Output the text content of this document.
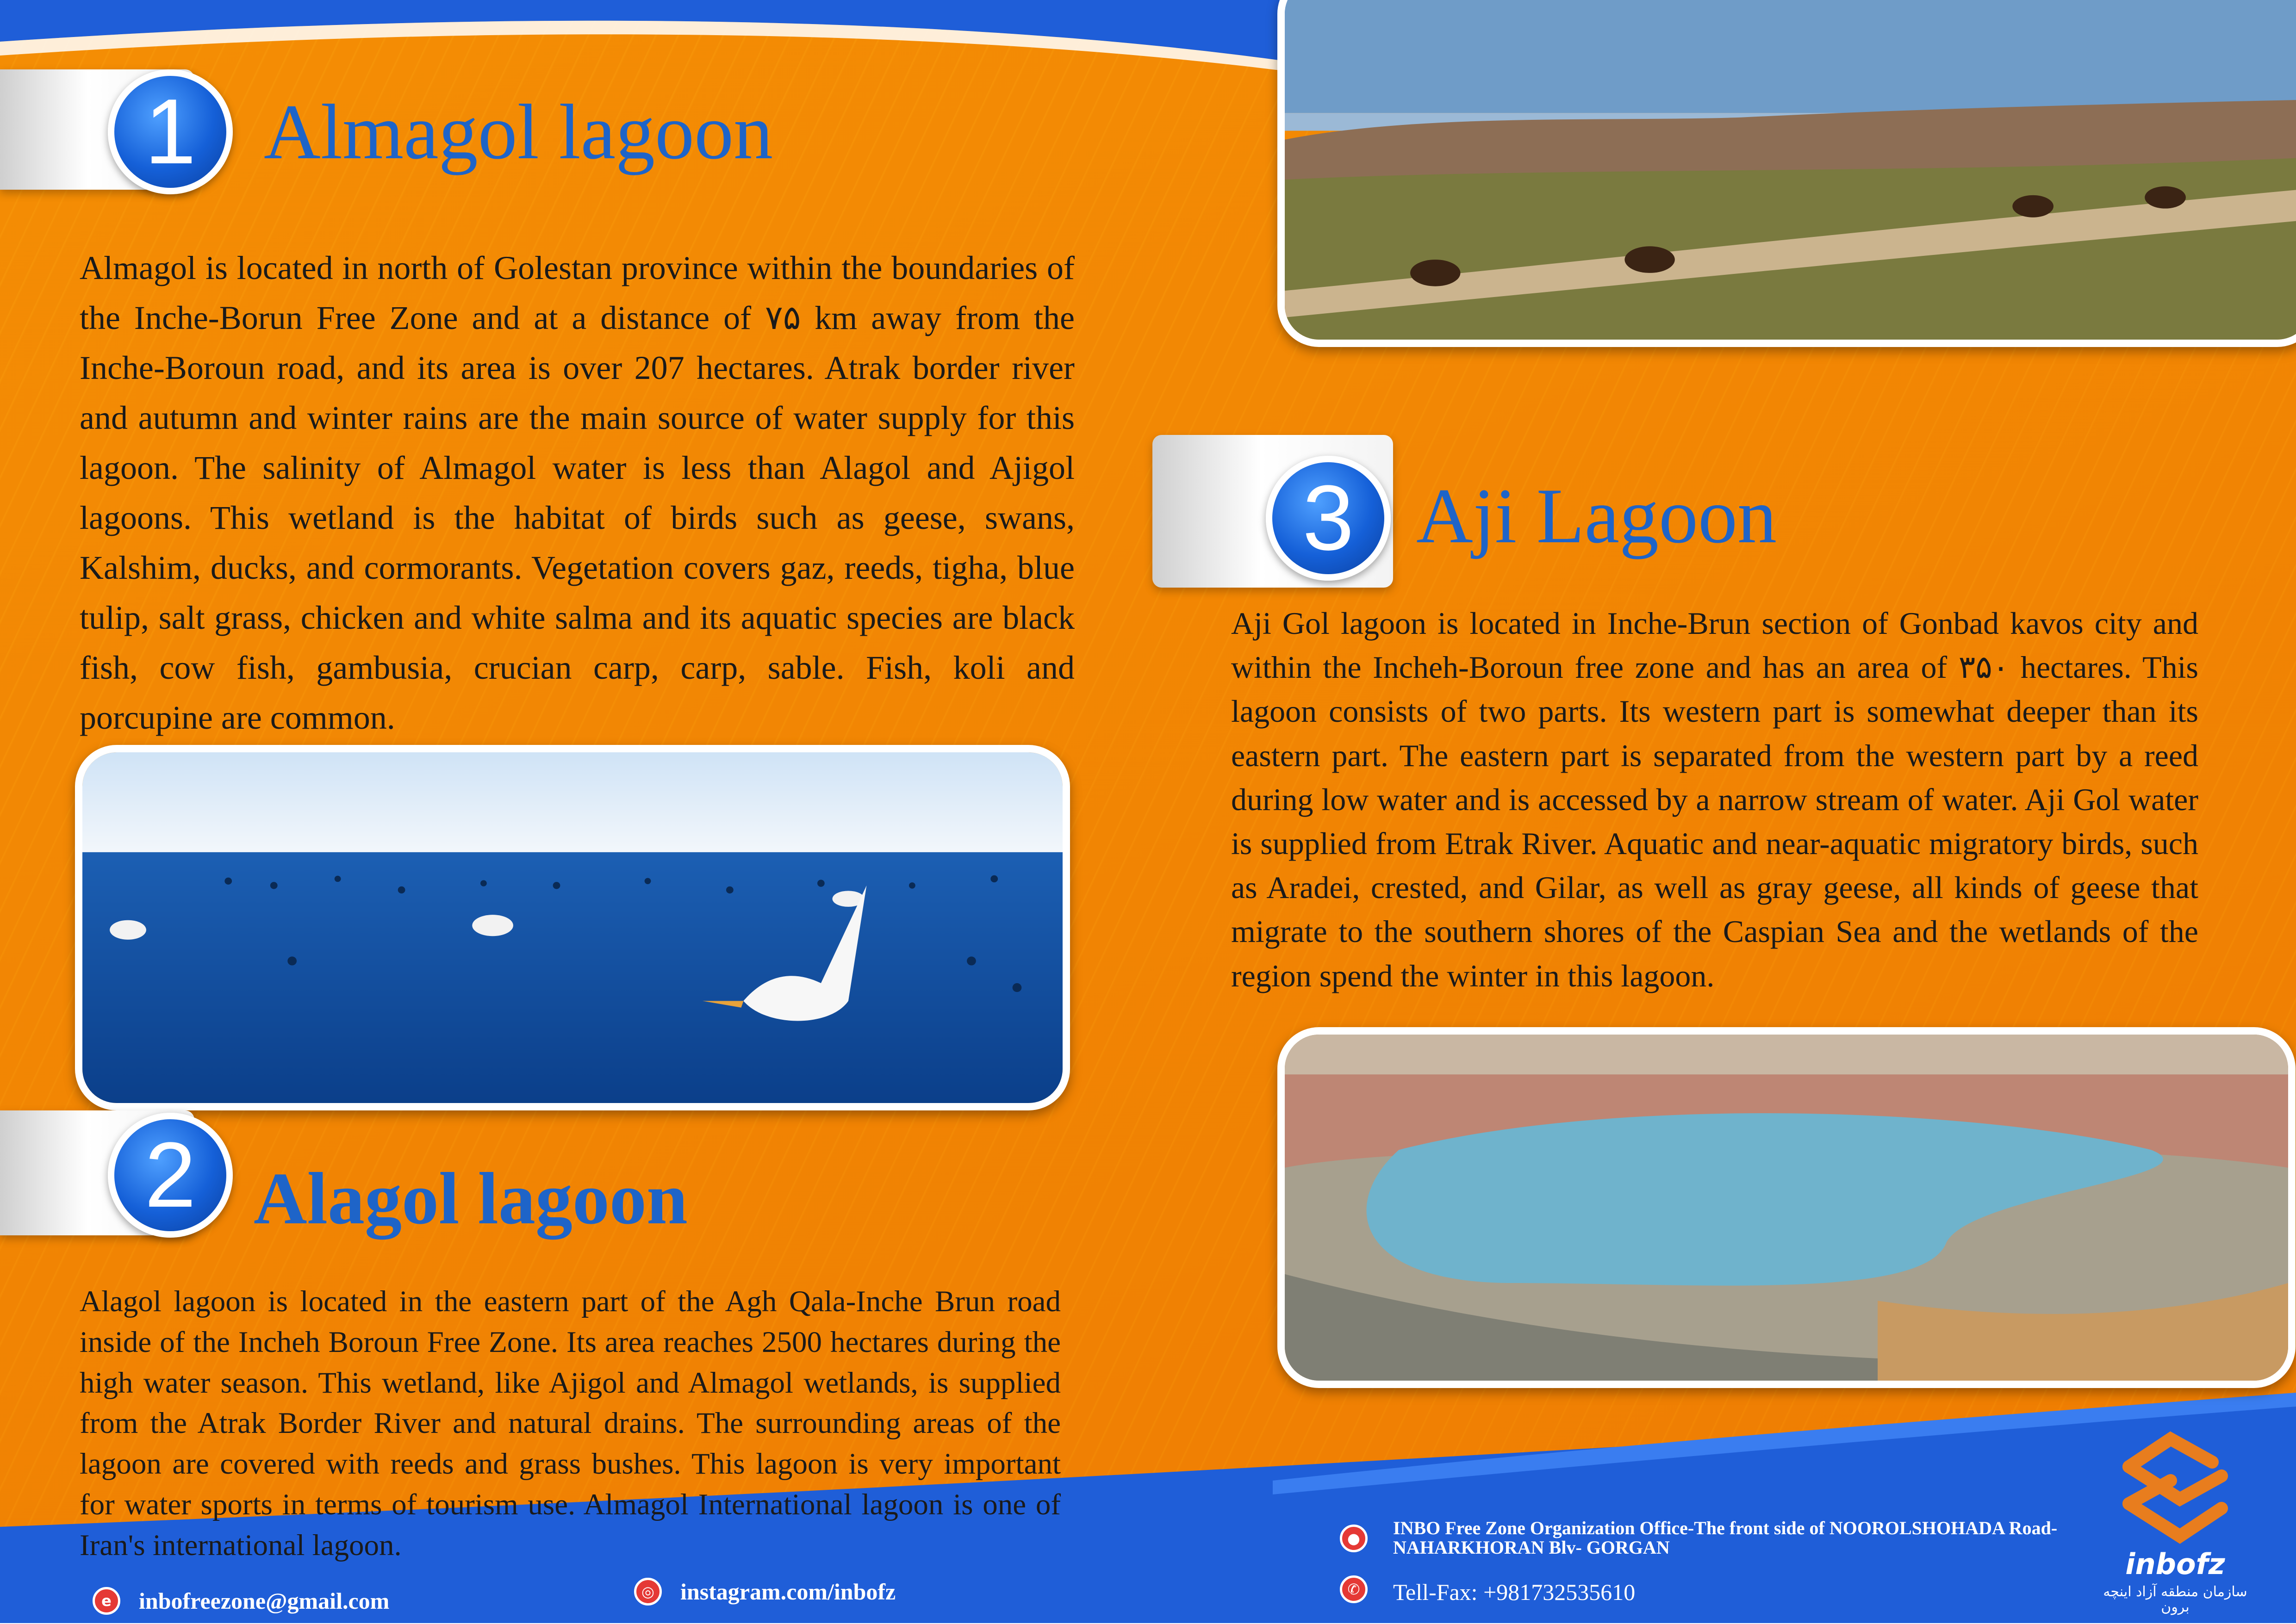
1 Almagol lagoon

Almagol is located in north of Golestan province within the boundaries of the Inche-Borun Free Zone and at a distance of ٧۵ km away from the Inche-Boroun road, and its area is over 207 hectares. Atrak border river and autumn and winter rains are the main source of water supply for this lagoon. The salinity of Almagol water is less than Alagol and Ajigol lagoons. This wetland is the habitat of birds such as geese, swans, Kalshim, ducks, and cormorants. Vegetation covers gaz, reeds, tigha, blue tulip, salt grass, chicken and white salma and its aquatic species are black fish, cow fish, gambusia, crucian carp, carp, sable. Fish, koli and porcupine are common.

2 Alagol lagoon

Alagol lagoon is located in the eastern part of the Agh Qala-Inche Brun road inside of the Incheh Boroun Free Zone. Its area reaches 2500 hectares during the high water season. This wetland, like Ajigol and Almagol wetlands, is supplied from the Atrak Border River and natural drains. The surrounding areas of the lagoon are covered with reeds and grass bushes. This lagoon is very important for water sports in terms of tourism use. Almagol International lagoon is one of Iran's international lagoon.

3 Aji Lagoon

Aji Gol lagoon is located in Inche-Brun section of Gonbad kavos city and within the Incheh-Boroun free zone and has an area of ٣۵٠ hectares. This lagoon consists of two parts. Its western part is somewhat deeper than its eastern part. The eastern part is separated from the western part by a reed during low water and is accessed by a narrow stream of water. Aji Gol water is supplied from Etrak River. Aquatic and near-aquatic migratory birds, such as Aradei, crested, and Gilar, as well as gray geese, all kinds of geese that migrate to the southern shores of the Caspian Sea and the wetlands of the region spend the winter in this lagoon.

e	inbofreezone@gmail.com	◎	instagram.com/inbofz
●	INBO Free Zone Organization Office-The front side of NOOROLSHOHADA Road-NAHARKHORAN Blv- GORGAN
✆	Tell-Fax: +981732535610
inbofz
سازمان منطقه آزاد اینچه برون
